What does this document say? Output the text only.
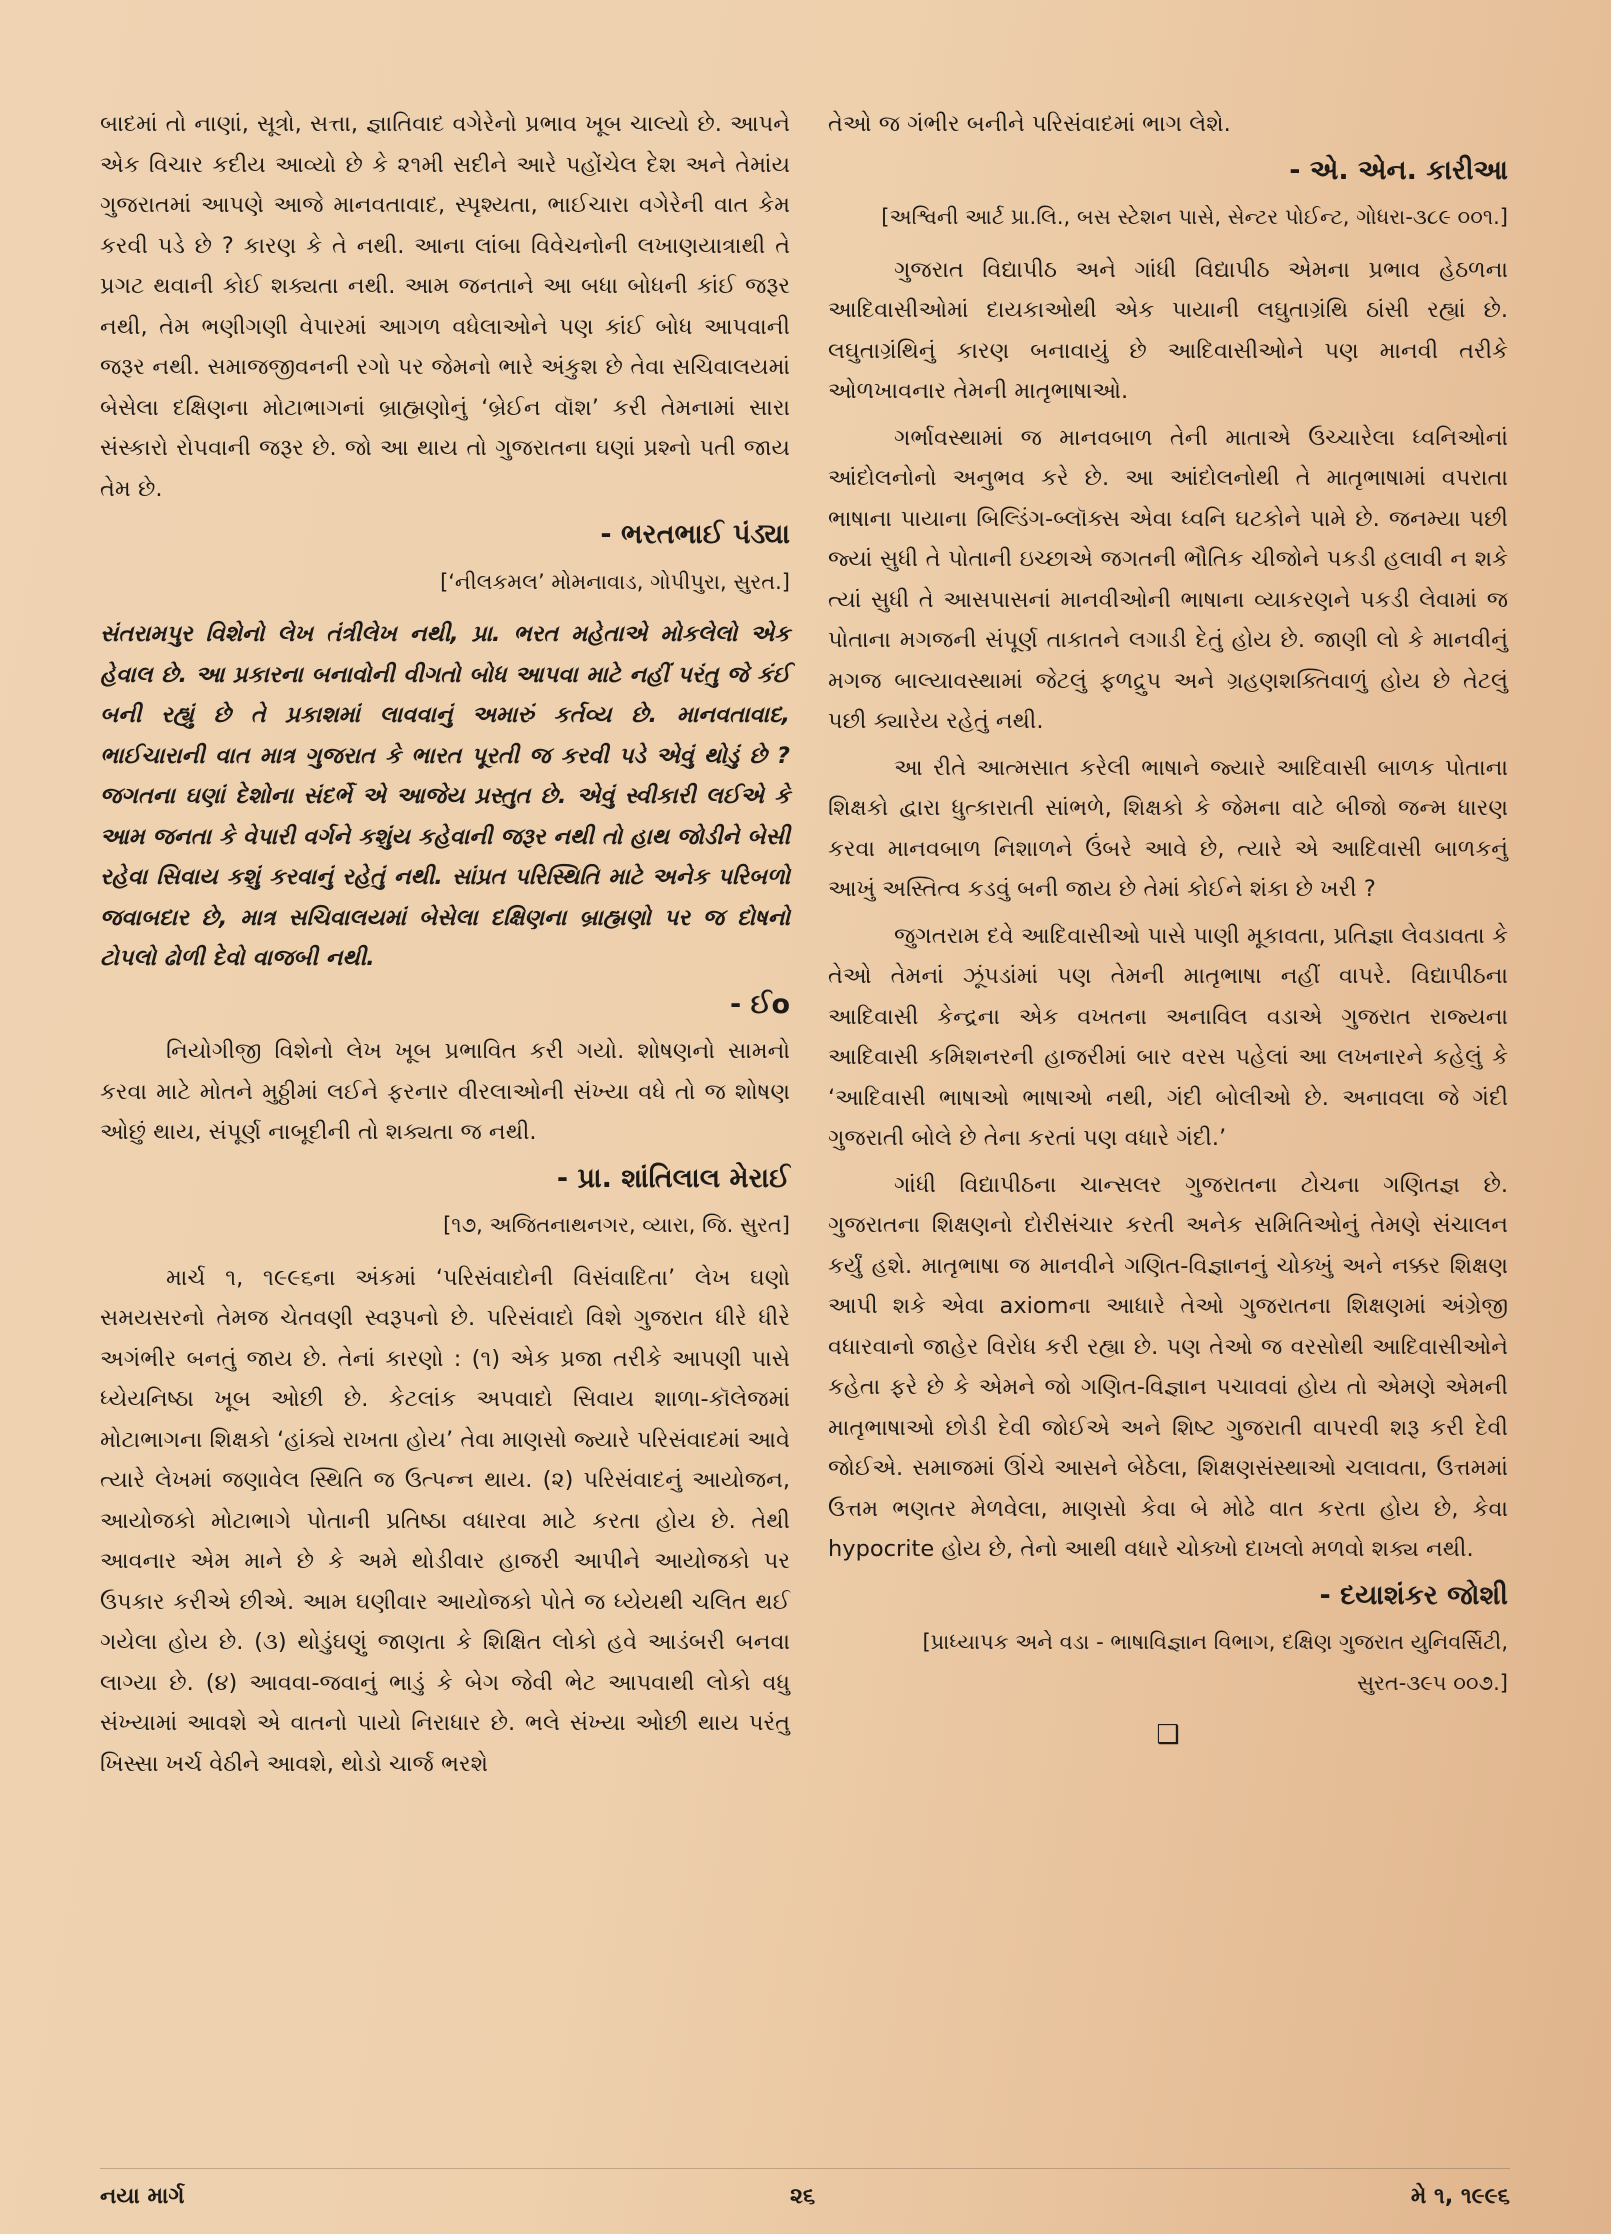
બાદમાં તો નાણાં, સૂત્રો, સત્તા, જ્ઞાતિવાદ વગેરેનો પ્રભાવ ખૂબ ચાલ્યો છે. આપને એક વિચાર કદીય આવ્યો છે કે ૨૧મી સદીને આરે પહોંચેલ દેશ અને તેમાંય ગુજરાતમાં આપણે આજે માનવતાવાદ, સ્પૃશ્યતા, ભાઈચારા વગેરેની વાત કેમ કરવી પડે છે ? કારણ કે તે નથી. આના લાંબા વિવેચનોની લખાણયાત્રાથી તે પ્રગટ થવાની કોઈ શક્યતા નથી. આમ જનતાને આ બધા બોધની કાંઈ જરૂર નથી, તેમ ભણીગણી વેપારમાં આગળ વધેલાઓને પણ કાંઈ બોધ આપવાની જરૂર નથી. સમાજજીવનની રગો પર જેમનો ભારે અંકુશ છે તેવા સચિવાલયમાં બેસેલા દક્ષિણના મોટાભાગનાં બ્રાહ્મણોનું ‘બ્રેઈન વૉશ’ કરી તેમનામાં સારા સંસ્કારો રોપવાની જરૂર છે. જો આ થાય તો ગુજરાતના ઘણાં પ્રશ્નો પતી જાય તેમ છે.

- ભરતભાઈ પંડ્યા
[‘નીલકમલ’ મોમનાવાડ, ગોપીપુરા, સુરત.]

સંતરામપુર વિશેનો લેખ તંત્રીલેખ નથી, પ્રા. ભરત મહેતાએ મોકલેલો એક હેવાલ છે. આ પ્રકારના બનાવોની વીગતો બોધ આપવા માટે નહીં પરંતુ જે કંઈ બની રહ્યું છે તે પ્રકાશમાં લાવવાનું અમારું કર્તવ્ય છે. માનવતાવાદ, ભાઈચારાની વાત માત્ર ગુજરાત કે ભારત પૂરતી જ કરવી પડે એવું થોડું છે ? જગતના ઘણાં દેશોના સંદર્ભે એ આજેય પ્રસ્તુત છે. એવું સ્વીકારી લઈએ કે આમ જનતા કે વેપારી વર્ગને કશુંય કહેવાની જરૂર નથી તો હાથ જોડીને બેસી રહેવા સિવાય કશું કરવાનું રહેતું નથી. સાંપ્રત પરિસ્થિતિ માટે અનેક પરિબળો જવાબદાર છે, માત્ર સચિવાલયમાં બેસેલા દક્ષિણના બ્રાહ્મણો પર જ દોષનો ટોપલો ઢોળી દેવો વાજબી નથી.

- ઈo

નિયોગીજી વિશેનો લેખ ખૂબ પ્રભાવિત કરી ગયો. શોષણનો સામનો કરવા માટે મોતને મુઠ્ઠીમાં લઈને ફરનાર વીરલાઓની સંખ્યા વધે તો જ શોષણ ઓછું થાય, સંપૂર્ણ નાબૂદીની તો શક્યતા જ નથી.

- પ્રા. શાંતિલાલ મેરાઈ
[૧૭, અજિતનાથનગર, વ્યારા, જિ. સુરત]

માર્ચ ૧, ૧૯૯૬ના અંકમાં ‘પરિસંવાદોની વિસંવાદિતા’ લેખ ઘણો સમયસરનો તેમજ ચેતવણી સ્વરૂપનો છે. પરિસંવાદો વિશે ગુજરાત ધીરે ધીરે અગંભીર બનતું જાય છે. તેનાં કારણો : (૧) એક પ્રજા તરીકે આપણી પાસે ધ્યેયનિષ્ઠા ખૂબ ઓછી છે. કેટલાંક અપવાદો સિવાય શાળા-કૉલેજમાં મોટાભાગના શિક્ષકો ‘હાંક્યે રાખતા હોય’ તેવા માણસો જ્યારે પરિસંવાદમાં આવે ત્યારે લેખમાં જણાવેલ સ્થિતિ જ ઉત્પન્ન થાય. (૨) પરિસંવાદનું આયોજન, આયોજકો મોટાભાગે પોતાની પ્રતિષ્ઠા વધારવા માટે કરતા હોય છે. તેથી આવનાર એમ માને છે કે અમે થોડીવાર હાજરી આપીને આયોજકો પર ઉપકાર કરીએ છીએ. આમ ઘણીવાર આયોજકો પોતે જ ધ્યેયથી ચલિત થઈ ગયેલા હોય છે. (૩) થોડુંઘણું જાણતા કે શિક્ષિત લોકો હવે આડંબરી બનવા લાગ્યા છે. (૪) આવવા-જવાનું ભાડું કે બેગ જેવી ભેટ આપવાથી લોકો વધુ સંખ્યામાં આવશે એ વાતનો પાયો નિરાધાર છે. ભલે સંખ્યા ઓછી થાય પરંતુ ખિસ્સા ખર્ચ વેઠીને આવશે, થોડો ચાર્જ ભરશે

તેઓ જ ગંભીર બનીને પરિસંવાદમાં ભાગ લેશે.

- એ. એન. કારીઆ
[અશ્વિની આર્ટ પ્રા.લિ., બસ સ્ટેશન પાસે, સેન્ટર પોઈન્ટ, ગોધરા-૩૮૯ ૦૦૧.]

ગુજરાત વિદ્યાપીઠ અને ગાંધી વિદ્યાપીઠ એમના પ્રભાવ હેઠળના આદિવાસીઓમાં દાયકાઓથી એક પાયાની લઘુતાગ્રંથિ ઠાંસી રહ્યાં છે. લઘુતાગ્રંથિનું કારણ બનાવાયું છે આદિવાસીઓને પણ માનવી તરીકે ઓળખાવનાર તેમની માતૃભાષાઓ.

ગર્ભાવસ્થામાં જ માનવબાળ તેની માતાએ ઉચ્ચારેલા ધ્વનિઓનાં આંદોલનોનો અનુભવ કરે છે. આ આંદોલનોથી તે માતૃભાષામાં વપરાતા ભાષાના પાયાના બિલ્ડિંગ-બ્લૉક્સ એવા ધ્વનિ ઘટકોને પામે છે. જનમ્યા પછી જ્યાં સુધી તે પોતાની ઇચ્છાએ જગતની ભૌતિક ચીજોને પકડી હલાવી ન શકે ત્યાં સુધી તે આસપાસનાં માનવીઓની ભાષાના વ્યાકરણને પકડી લેવામાં જ પોતાના મગજની સંપૂર્ણ તાકાતને લગાડી દેતું હોય છે. જાણી લો કે માનવીનું મગજ બાલ્યાવસ્થામાં જેટલું ફળદ્રુપ અને ગ્રહણશક્તિવાળું હોય છે તેટલું પછી ક્યારેય રહેતું નથી.

આ રીતે આત્મસાત કરેલી ભાષાને જ્યારે આદિવાસી બાળક પોતાના શિક્ષકો દ્વારા ધુત્કારાતી સાંભળે, શિક્ષકો કે જેમના વાટે બીજો જન્મ ધારણ કરવા માનવબાળ નિશાળને ઉંબરે આવે છે, ત્યારે એ આદિવાસી બાળકનું આખું અસ્તિત્વ કડવું બની જાય છે તેમાં કોઈને શંકા છે ખરી ?

જુગતરામ દવે આદિવાસીઓ પાસે પાણી મૂકાવતા, પ્રતિજ્ઞા લેવડાવતા કે તેઓ તેમનાં ઝૂંપડાંમાં પણ તેમની માતૃભાષા નહીં વાપરે. વિદ્યાપીઠના આદિવાસી કેન્દ્રના એક વખતના અનાવિલ વડાએ ગુજરાત રાજ્યના આદિવાસી કમિશનરની હાજરીમાં બાર વરસ પહેલાં આ લખનારને કહેલું કે ‘આદિવાસી ભાષાઓ ભાષાઓ નથી, ગંદી બોલીઓ છે. અનાવલા જે ગંદી ગુજરાતી બોલે છે તેના કરતાં પણ વધારે ગંદી.’

ગાંધી વિદ્યાપીઠના ચાન્સલર ગુજરાતના ટોચના ગણિતજ્ઞ છે. ગુજરાતના શિક્ષણનો દોરીસંચાર કરતી અનેક સમિતિઓનું તેમણે સંચાલન કર્યું હશે. માતૃભાષા જ માનવીને ગણિત-વિજ્ઞાનનું ચોક્ખું અને નક્કર શિક્ષણ આપી શકે એવા axiomના આધારે તેઓ ગુજરાતના શિક્ષણમાં અંગ્રેજી વધારવાનો જાહેર વિરોધ કરી રહ્યા છે. પણ તેઓ જ વરસોથી આદિવાસીઓને કહેતા ફરે છે કે એમને જો ગણિત-વિજ્ઞાન પચાવવાં હોય તો એમણે એમની માતૃભાષાઓ છોડી દેવી જોઈએ અને શિષ્ટ ગુજરાતી વાપરવી શરૂ કરી દેવી જોઈએ. સમાજમાં ઊંચે આસને બેઠેલા, શિક્ષણસંસ્થાઓ ચલાવતા, ઉત્તમમાં ઉત્તમ ભણતર મેળવેલા, માણસો કેવા બે મોઢે વાત કરતા હોય છે, કેવા hypocrite હોય છે, તેનો આથી વધારે ચોક્ખો દાખલો મળવો શક્ય નથી.

- દયાશંકર જોશી
[પ્રાધ્યાપક અને વડા - ભાષાવિજ્ઞાન વિભાગ, દક્ષિણ ગુજરાત યુનિવર્સિટી, સુરત-૩૯૫ ૦૦૭.]
❑
નયા માર્ગ	૨૬	મે ૧, ૧૯૯૬
